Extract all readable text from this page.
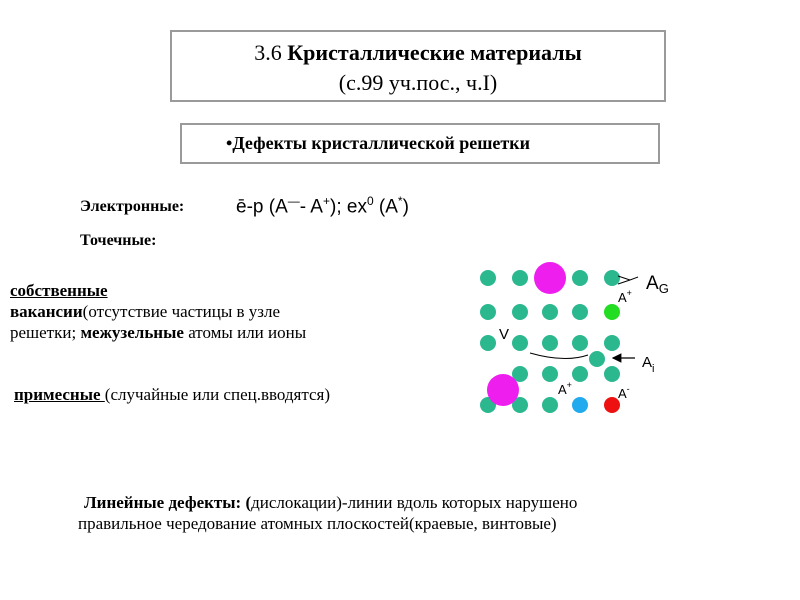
3.6 Кристаллические материалы
(с.99 уч.пос., ч.I)
•Дефекты кристаллической решетки
Электронные:	ē-p (A—- A+); $ex^0$ (A*)
Точечные:
собственные
вакансии(отсутствие частицы в узле
решетки; межузельные атомы или ионы
примесные (случайные или спец.вводятся)
Линейные дефекты: (дислокации)-линии вдоль которых нарушено
правильное чередование атомных плоскостей(краевые, винтовые)
V
$A_G$
A+
$A_i$
A+
A-
